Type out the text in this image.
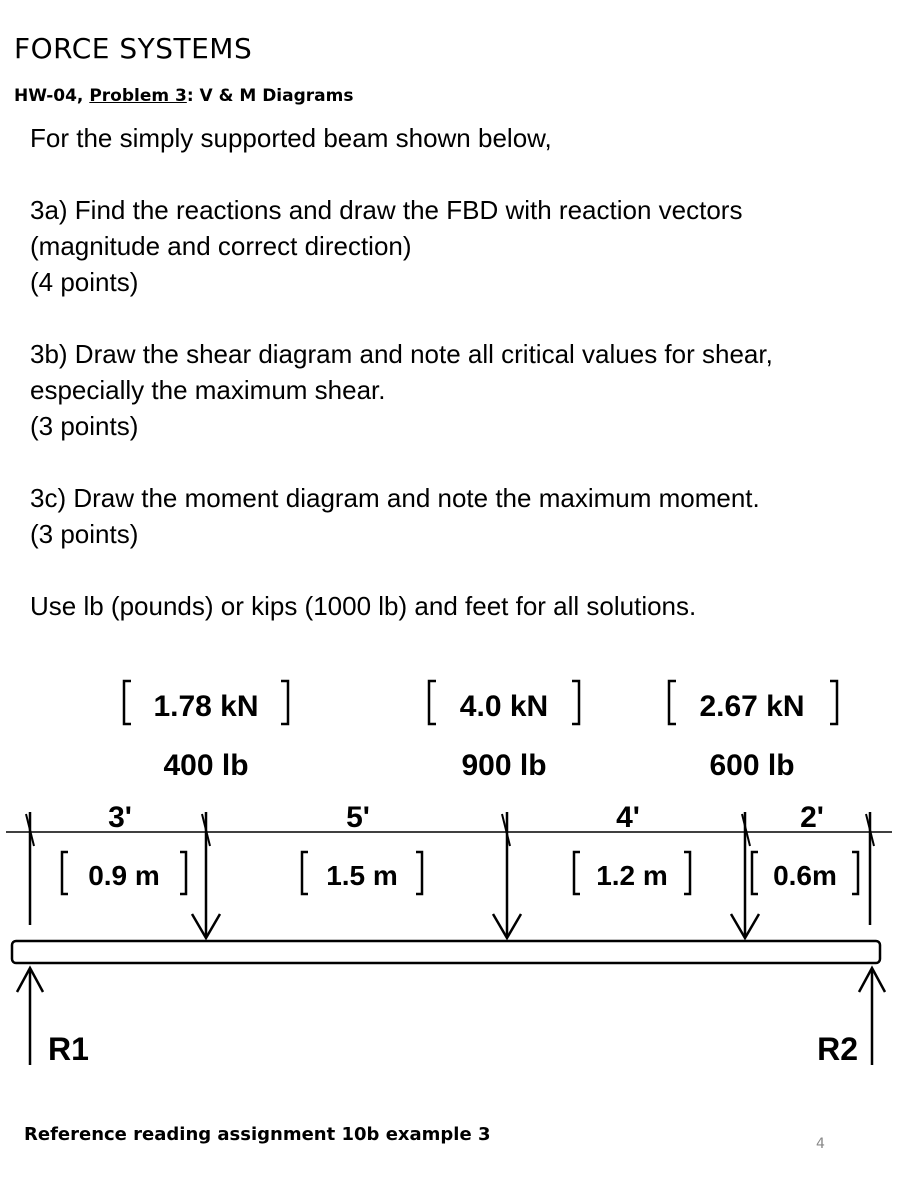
FORCE SYSTEMS
HW-04, Problem 3: V & M Diagrams
For the simply supported beam shown below,
3a) Find the reactions and draw the FBD with reaction vectors
(magnitude and correct direction)
(4 points)
3b) Draw the shear diagram and note all critical values for shear,
especially the maximum shear.
(3 points)
3c) Draw the moment diagram and note the maximum moment.
(3 points)
Use lb (pounds) or kips (1000 lb) and feet for all solutions.
1.78 kN
400 lb
4.0 kN
900 lb
2.67 kN
600 lb
3'	5'	4'	2'
0.9 m	1.5 m	1.2 m	0.6m
R1	R2
Reference reading assignment 10b example 3	4
